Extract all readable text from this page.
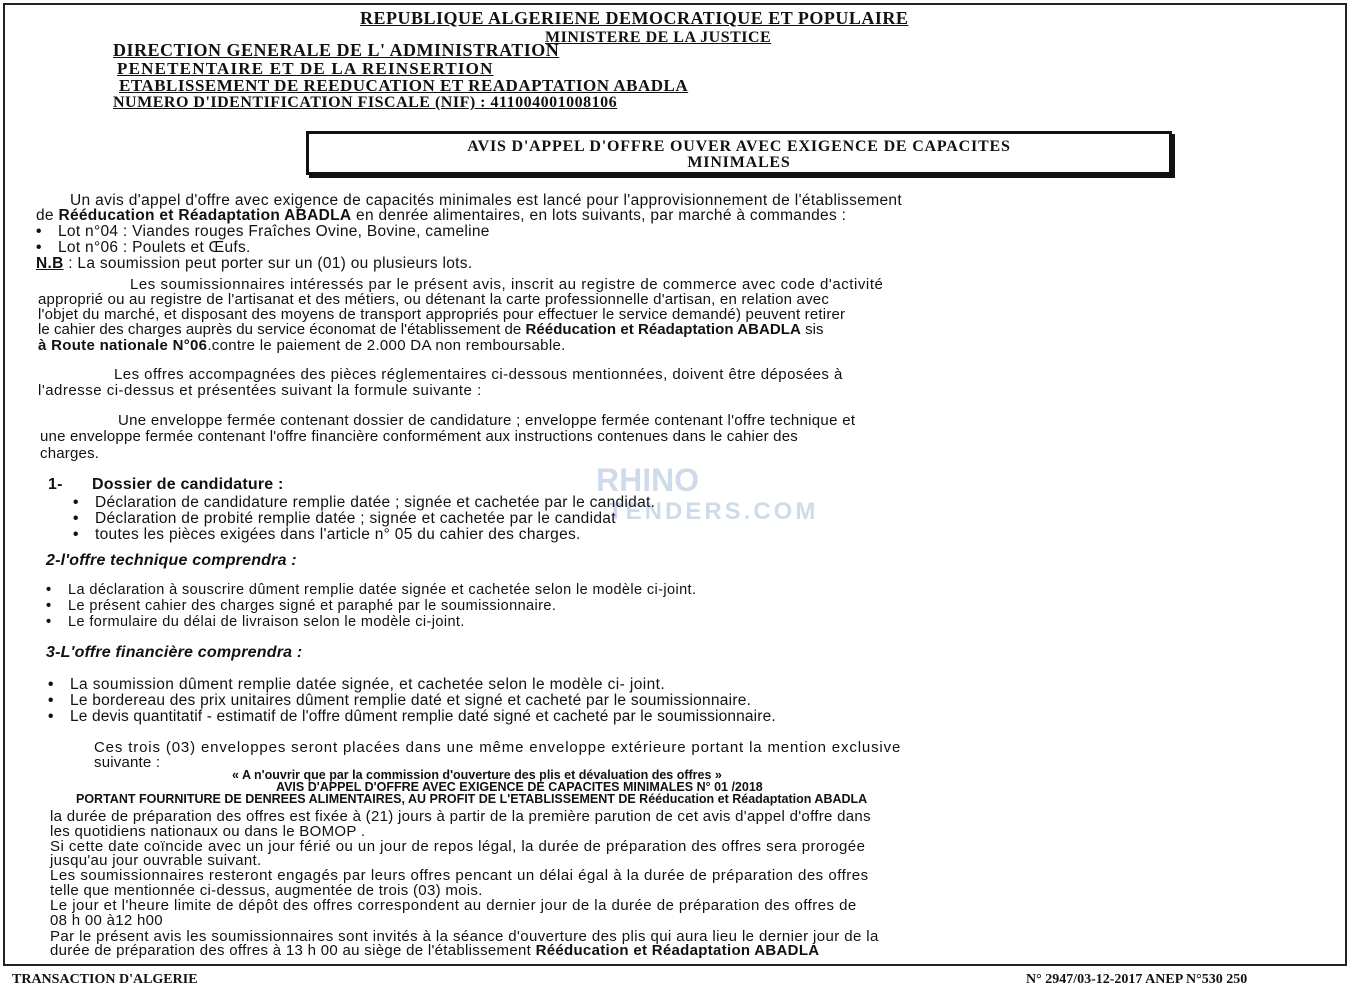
REPUBLIQUE ALGERIENE DEMOCRATIQUE ET POPULAIRE
MINISTERE DE LA JUSTICE
DIRECTION GENERALE DE L' ADMINISTRATION
PENETENTAIRE ET DE LA REINSERTION
ETABLISSEMENT DE REEDUCATION ET READAPTATION ABADLA
NUMERO D'IDENTIFICATION FISCALE (NIF) : 411004001008106
AVIS D'APPEL D'OFFRE OUVER AVEC EXIGENCE DE CAPACITES
MINIMALES
Un avis d'appel d'offre avec exigence de capacités minimales est lancé pour l'approvisionnement de l'établissement
de Rééducation et Réadaptation ABADLA en denrée alimentaires, en lots suivants, par marché à commandes :
• Lot n°04 : Viandes rouges Fraîches Ovine, Bovine, cameline
• Lot n°06 : Poulets et Œufs.
N.B : La soumission peut porter sur un (01) ou plusieurs lots.
Les soumissionnaires intéressés par le présent avis, inscrit au registre de commerce avec code d'activité
approprié ou au registre de l'artisanat et des métiers, ou détenant la carte professionnelle d'artisan, en relation avec
l'objet du marché, et disposant des moyens de transport appropriés pour effectuer le service demandé) peuvent retirer
le cahier des charges auprès du service économat de l'établissement de Rééducation et Réadaptation ABADLA sis
à Route nationale N°06.contre le paiement de 2.000 DA non remboursable.
Les offres accompagnées des pièces réglementaires ci-dessous mentionnées, doivent être déposées à
l'adresse ci-dessus et présentées suivant la formule suivante :
Une enveloppe fermée contenant dossier de candidature ; enveloppe fermée contenant l'offre technique et
une enveloppe fermée contenant l'offre financière conformément aux instructions contenues dans le cahier des
charges.
1- Dossier de candidature :
• Déclaration de candidature remplie datée ; signée et cachetée par le candidat.
• Déclaration de probité remplie datée ; signée et cachetée par le candidat
• toutes les pièces exigées dans l'article n° 05 du cahier des charges.
RHINO
TENDERS.COM
2-l'offre technique comprendra :
• La déclaration à souscrire dûment remplie datée signée et cachetée selon le modèle ci-joint.
• Le présent cahier des charges signé et paraphé par le soumissionnaire.
• Le formulaire du délai de livraison selon le modèle ci-joint.
3-L'offre financière comprendra :
• La soumission dûment remplie datée signée, et cachetée selon le modèle ci- joint.
• Le bordereau des prix unitaires dûment remplie daté et signé et cacheté par le soumissionnaire.
• Le devis quantitatif - estimatif de l'offre dûment remplie daté signé et cacheté par le soumissionnaire.
Ces trois (03) enveloppes seront placées dans une même enveloppe extérieure portant la mention exclusive
suivante :
« A n'ouvrir que par la commission d'ouverture des plis et dévaluation des offres »
AVIS D'APPEL D'OFFRE AVEC EXIGENCE DE CAPACITES MINIMALES N° 01 /2018
PORTANT FOURNITURE DE DENREES ALIMENTAIRES, AU PROFIT DE L'ETABLISSEMENT DE Rééducation et Réadaptation ABADLA
la durée de préparation des offres est fixée à (21) jours à partir de la première parution de cet avis d'appel d'offre dans
les quotidiens nationaux ou dans le BOMOP .
Si cette date coïncide avec un jour férié ou un jour de repos légal, la durée de préparation des offres sera prorogée
jusqu'au jour ouvrable suivant.
Les soumissionnaires resteront engagés par leurs offres pencant un délai égal à la durée de préparation des offres
telle que mentionnée ci-dessus, augmentée de trois (03) mois.
Le jour et l'heure limite de dépôt des offres correspondent au dernier jour de la durée de préparation des offres de
08 h 00 à12 h00
Par le présent avis les soumissionnaires sont invités à la séance d'ouverture des plis qui aura lieu le dernier jour de la
durée de préparation des offres à 13 h 00 au siège de l'établissement Rééducation et Réadaptation ABADLA
TRANSACTION D'ALGERIE	N° 2947/03-12-2017 ANEP N°530 250
